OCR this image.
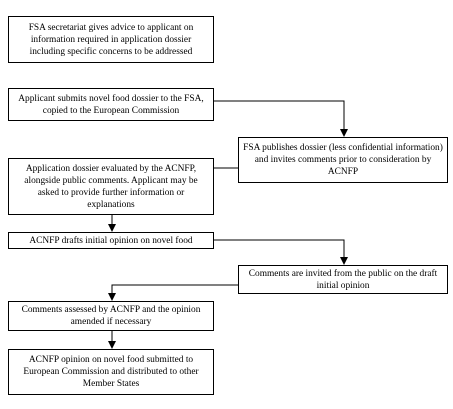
FSA secretariat gives advice to applicant on information required in application dossier including specific concerns to be addressed
Applicant submits novel food dossier to the FSA, copied to the European Commission
FSA publishes dossier (less confidential information) and invites comments prior to consideration by ACNFP
Application dossier evaluated by the ACNFP, alongside public comments. Applicant may be asked to provide further information or explanations
ACNFP drafts initial opinion on novel food
Comments are invited from the public on the draft initial opinion
Comments assessed by ACNFP and the opinion amended if necessary
ACNFP opinion on novel food submitted to European Commission and distributed to other Member States
